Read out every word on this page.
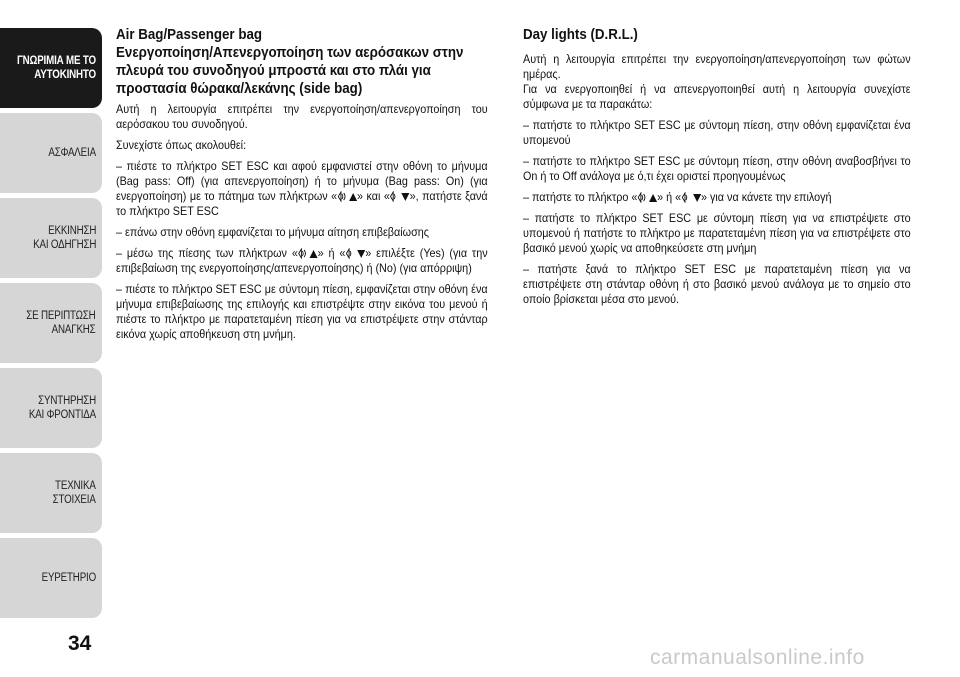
ΓΝΩΡΙΜΙΑ ΜΕ ΤΟ
ΑΥΤΟΚΙΝΗΤΟ
ΑΣΦΑΛΕΙΑ
ΕΚΚΙΝΗΣΗ
ΚΑΙ ΟΔΗΓΗΣΗ
ΣΕ ΠΕΡΙΠΤΩΣΗ
ΑΝΑΓΚΗΣ
ΣΥΝΤΗΡΗΣΗ
ΚΑΙ ΦΡΟΝΤΙΔΑ
ΤΕΧΝΙΚΑ
ΣΤΟΙΧΕΙΑ
ΕΥΡΕΤΗΡΙΟ
34
Air Bag/Passenger bag
Ενεργοποίηση/Απενεργοποίηση των αερόσακων στην
πλευρά του συνοδηγού μπροστά και στο πλάι για
προστασία θώρακα/λεκάνης (side bag)

Αυτή η λειτουργία επιτρέπει την ενεργοποίηση/απενεργοποίηση του αερόσακου του συνοδηγού.

Συνεχίστε όπως ακολουθεί:

– πιέστε το πλήκτρο SET ESC και αφού εμφανιστεί στην οθόνη το μήνυμα (Bag pass: Off) (για απενεργοποίηση) ή το μήνυμα (Bag pass: On) (για ενεργοποίηση) με το πάτημα των πλήκτρων « » και « », πατήστε ξανά το πλήκτρο SET ESC

– επάνω στην οθόνη εμφανίζεται το μήνυμα αίτηση επιβεβαίωσης

– μέσω της πίεσης των πλήκτρων « » ή « » επιλέξτε (Yes) (για την επιβεβαίωση της ενεργοποίησης/απενεργοποίησης) ή (No) (για απόρριψη)

– πιέστε το πλήκτρο SET ESC με σύντομη πίεση, εμφανίζεται στην οθόνη ένα μήνυμα επιβεβαίωσης της επιλογής και επιστρέψτε στην εικόνα του μενού ή πιέστε το πλήκτρο με παρατεταμένη πίεση για να επιστρέψετε στην στάνταρ εικόνα χωρίς αποθήκευση στη μνήμη.

Day lights (D.R.L.)

Αυτή η λειτουργία επιτρέπει την ενεργοποίηση/απενεργοποίηση των φώτων ημέρας.

Για να ενεργοποιηθεί ή να απενεργοποιηθεί αυτή η λειτουργία συνεχίστε σύμφωνα με τα παρακάτω:

– πατήστε το πλήκτρο SET ESC με σύντομη πίεση, στην οθόνη εμφανίζεται ένα υπομενού

– πατήστε το πλήκτρο SET ESC με σύντομη πίεση, στην οθόνη αναβοσβήνει το On ή το Off ανάλογα με ό,τι έχει οριστεί προηγουμένως

– πατήστε το πλήκτρο « » ή « » για να κάνετε την επιλογή

– πατήστε το πλήκτρο SET ESC με σύντομη πίεση για να επιστρέψετε στο υπομενού ή πατήστε το πλήκτρο με παρατεταμένη πίεση για να επιστρέψετε στο βασικό μενού χωρίς να αποθηκεύσετε στη μνήμη

– πατήστε ξανά το πλήκτρο SET ESC με παρατεταμένη πίεση για να επιστρέψετε στη στάνταρ οθόνη ή στο βασικό μενού ανάλογα με το σημείο στο οποίο βρίσκεται μέσα στο μενού.

carmanualsonline.info
